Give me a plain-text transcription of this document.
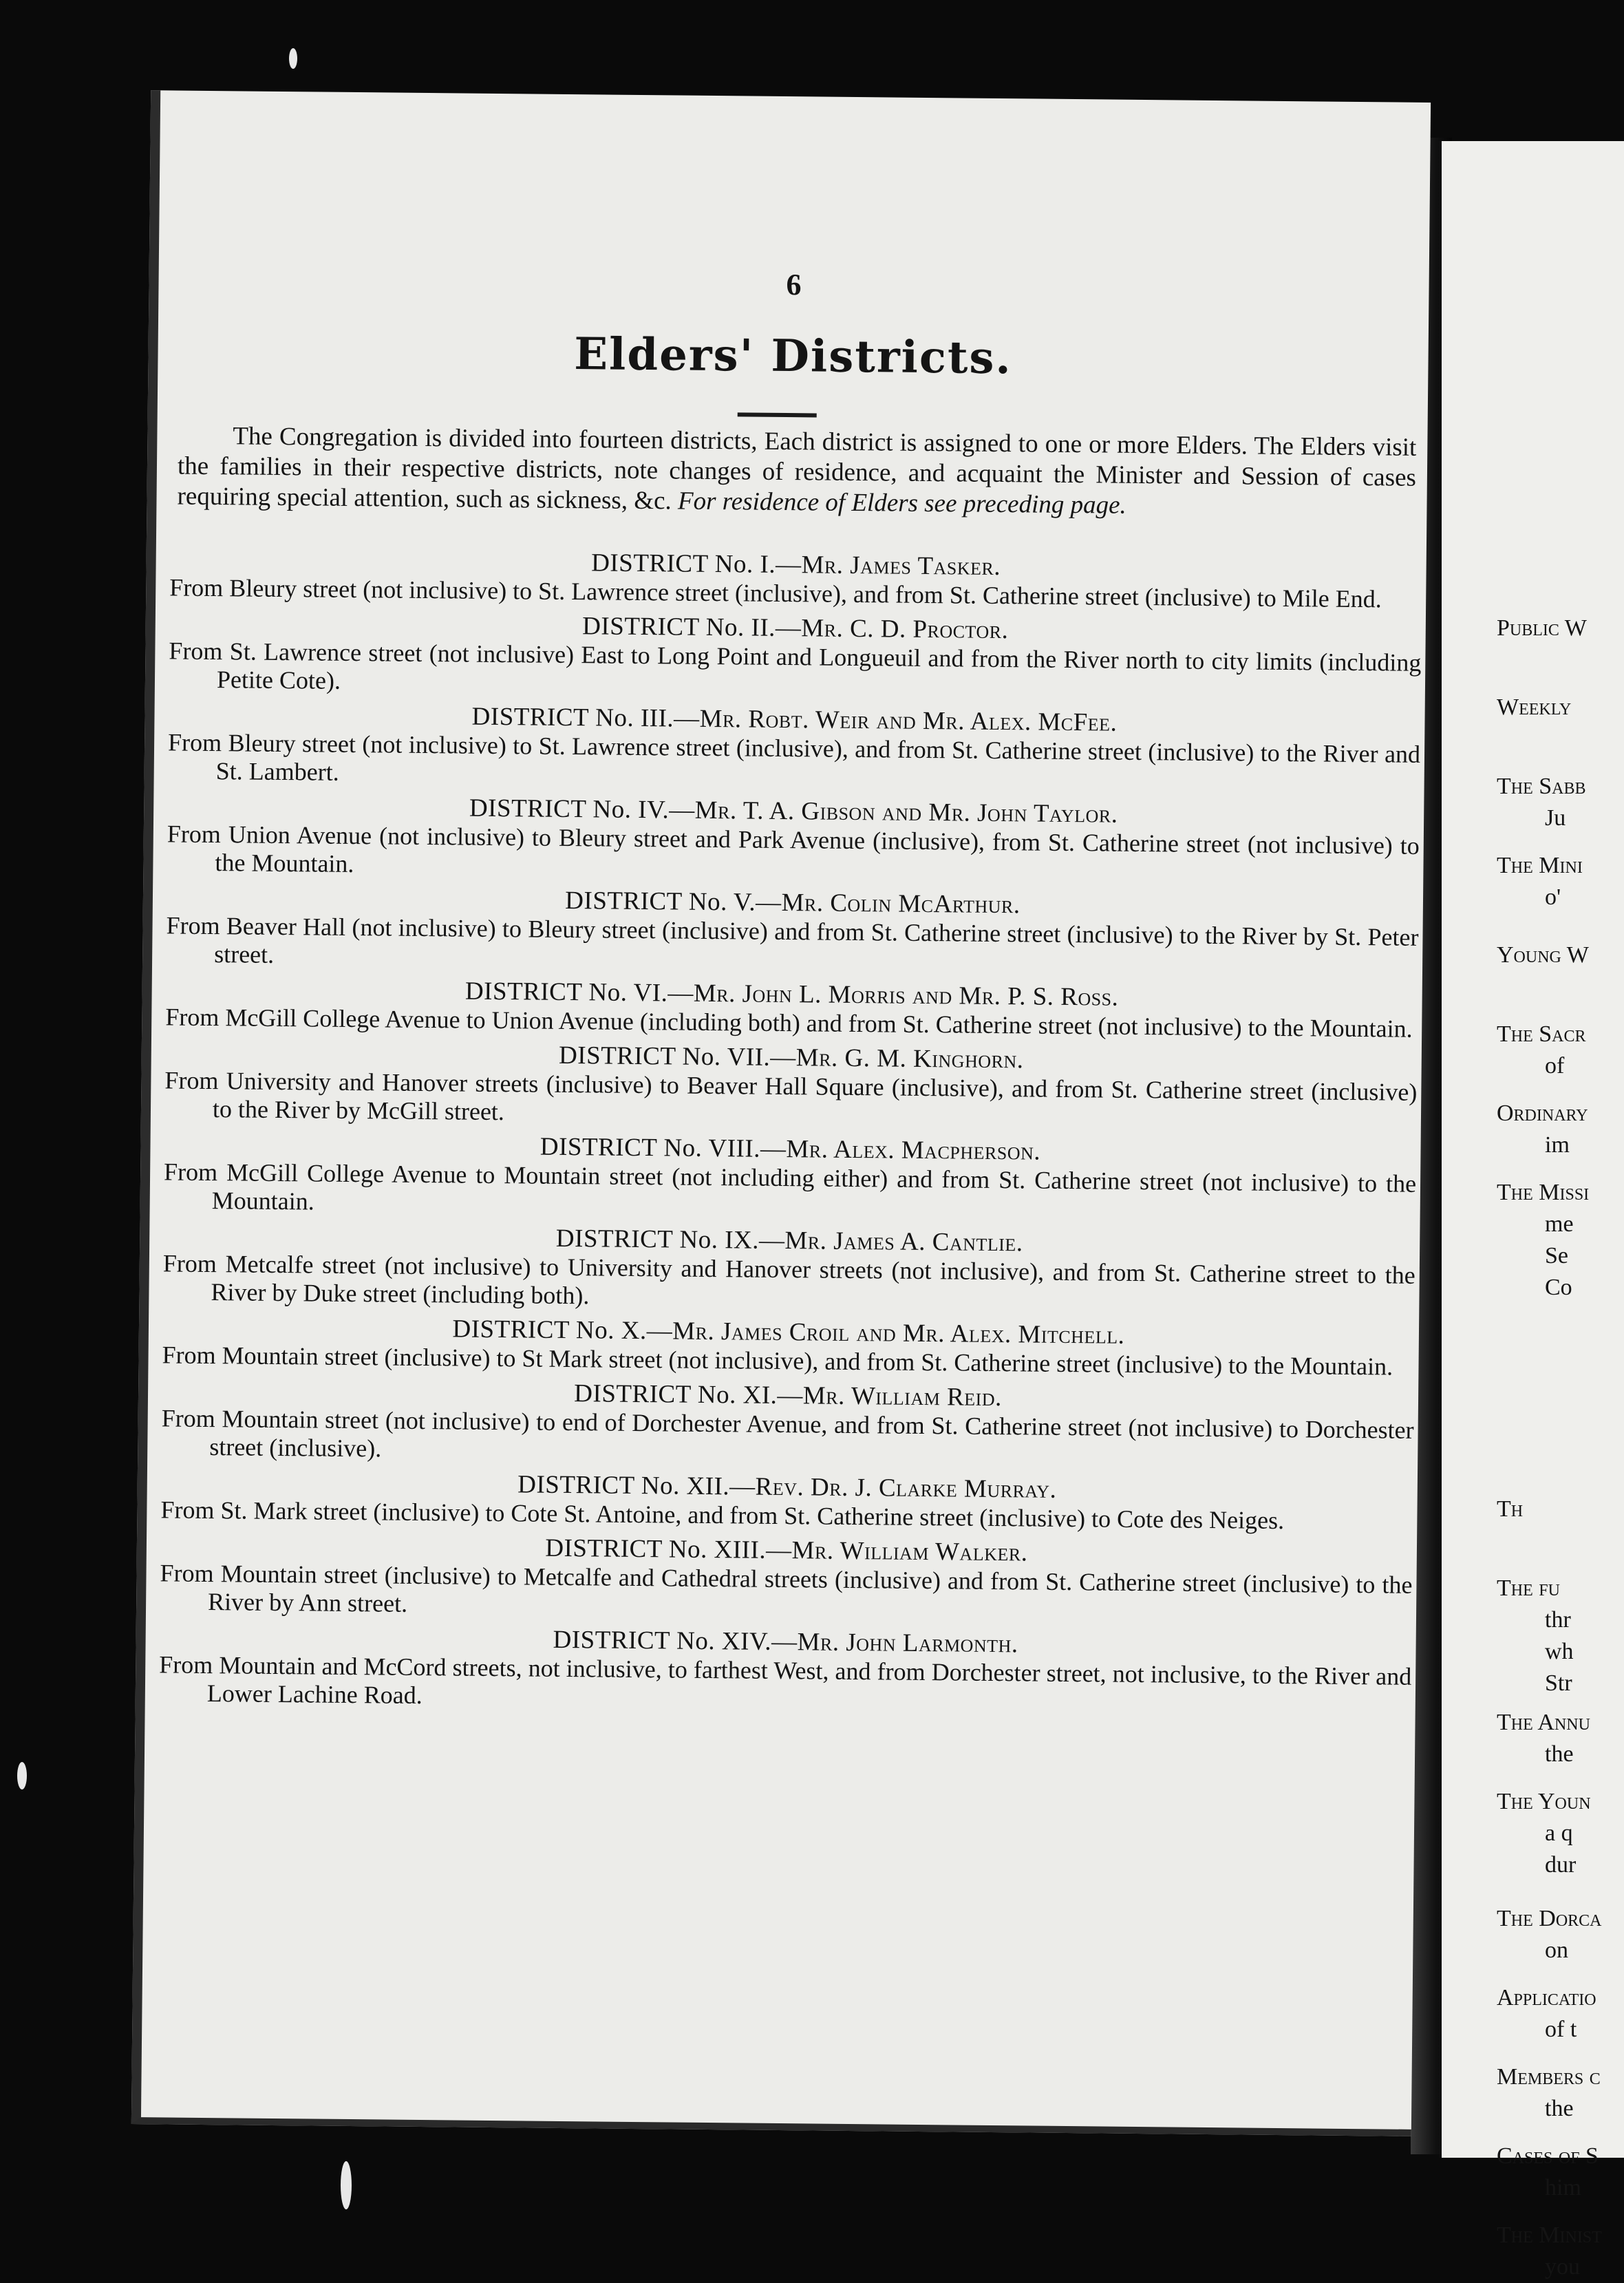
Public W
Weekly
The Sabb
Ju
The Mini
o'
Young W
The Sacr
of
Ordinary
im
The Missi
me
Se
Co
Th
The fu
thr
wh
Str
The Annu
the
The Youn
a q
dur
The Dorca
on
Applicatio
of t
Members c
the
Cases of S
him
The Minist
you
6
Elders' Districts.

The Congregation is divided into fourteen districts, Each district is assigned to one or more Elders. The Elders visit the families in their respective districts, note changes of residence, and acquaint the Minister and Session of cases requiring special attention, such as sickness, &c. For residence of Elders see preceding page.

DISTRICT No. I.—Mr. James Tasker.

From Bleury street (not inclusive) to St. Lawrence street (inclusive), and from St. Catherine street (inclusive) to Mile End.

DISTRICT No. II.—Mr. C. D. Proctor.

From St. Lawrence street (not inclusive) East to Long Point and Longueuil and from the River north to city limits (including Petite Cote).

DISTRICT No. III.—Mr. Robt. Weir and Mr. Alex. McFee.

From Bleury street (not inclusive) to St. Lawrence street (inclusive), and from St. Catherine street (inclusive) to the River and St. Lambert.

DISTRICT No. IV.—Mr. T. A. Gibson and Mr. John Taylor.

From Union Avenue (not inclusive) to Bleury street and Park Avenue (inclusive), from St. Catherine street (not inclusive) to the Mountain.

DISTRICT No. V.—Mr. Colin McArthur.

From Beaver Hall (not inclusive) to Bleury street (inclusive) and from St. Catherine street (inclusive) to the River by St. Peter street.

DISTRICT No. VI.—Mr. John L. Morris and Mr. P. S. Ross.

From McGill College Avenue to Union Avenue (including both) and from St. Catherine street (not inclusive) to the Mountain.

DISTRICT No. VII.—Mr. G. M. Kinghorn.

From University and Hanover streets (inclusive) to Beaver Hall Square (inclusive), and from St. Catherine street (inclusive) to the River by McGill street.

DISTRICT No. VIII.—Mr. Alex. Macpherson.

From McGill College Avenue to Mountain street (not including either) and from St. Catherine street (not inclusive) to the Mountain.

DISTRICT No. IX.—Mr. James A. Cantlie.

From Metcalfe street (not inclusive) to University and Hanover streets (not inclusive), and from St. Catherine street to the River by Duke street (including both).

DISTRICT No. X.—Mr. James Croil and Mr. Alex. Mitchell.

From Mountain street (inclusive) to St Mark street (not inclusive), and from St. Catherine street (inclusive) to the Mountain.

DISTRICT No. XI.—Mr. William Reid.

From Mountain street (not inclusive) to end of Dorchester Avenue, and from St. Catherine street (not inclusive) to Dorchester street (inclusive).

DISTRICT No. XII.—Rev. Dr. J. Clarke Murray.

From St. Mark street (inclusive) to Cote St. Antoine, and from St. Catherine street (inclusive) to Cote des Neiges.

DISTRICT No. XIII.—Mr. William Walker.

From Mountain street (inclusive) to Metcalfe and Cathedral streets (inclusive) and from St. Catherine street (inclusive) to the River by Ann street.

DISTRICT No. XIV.—Mr. John Larmonth.

From Mountain and McCord streets, not inclusive, to farthest West, and from Dorchester street, not inclusive, to the River and Lower Lachine Road.
